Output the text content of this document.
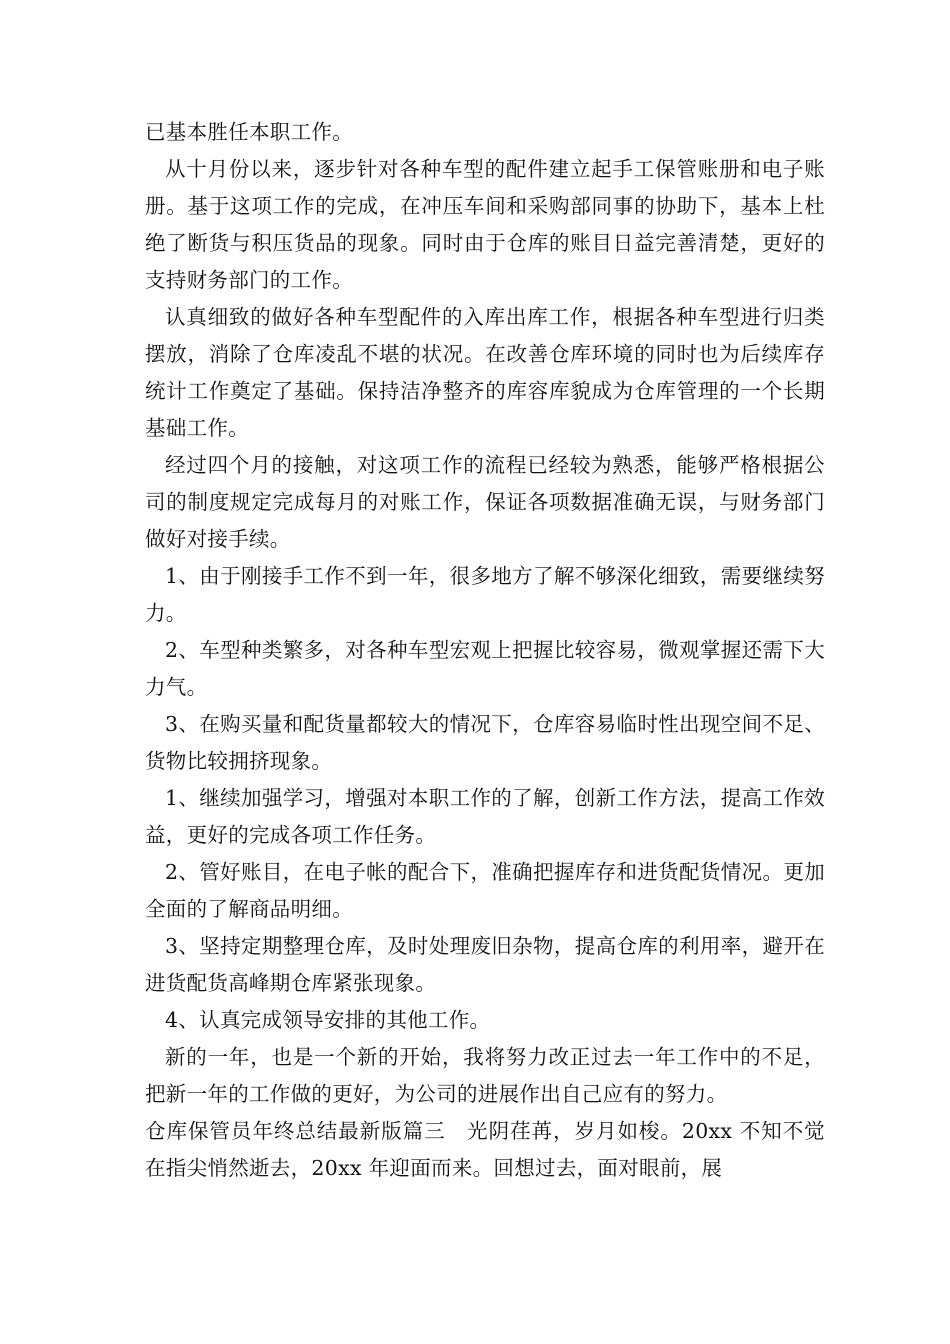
已基本胜任本职工作。

从十月份以来，逐步针对各种车型的配件建立起手工保管账册和电子账册。基于这项工作的完成，在冲压车间和采购部同事的协助下，基本上杜绝了断货与积压货品的现象。同时由于仓库的账目日益完善清楚，更好的支持财务部门的工作。

认真细致的做好各种车型配件的入库出库工作，根据各种车型进行归类摆放，消除了仓库凌乱不堪的状况。在改善仓库环境的同时也为后续库存统计工作奠定了基础。保持洁净整齐的库容库貌成为仓库管理的一个长期基础工作。

经过四个月的接触，对这项工作的流程已经较为熟悉，能够严格根据公司的制度规定完成每月的对账工作，保证各项数据准确无误，与财务部门做好对接手续。

1、由于刚接手工作不到一年，很多地方了解不够深化细致，需要继续努力。

2、车型种类繁多，对各种车型宏观上把握比较容易，微观掌握还需下大力气。

3、在购买量和配货量都较大的情况下，仓库容易临时性出现空间不足、货物比较拥挤现象。

1、继续加强学习，增强对本职工作的了解，创新工作方法，提高工作效益，更好的完成各项工作任务。

2、管好账目，在电子帐的配合下，准确把握库存和进货配货情况。更加全面的了解商品明细。

3、坚持定期整理仓库，及时处理废旧杂物，提高仓库的利用率，避开在进货配货高峰期仓库紧张现象。

4、认真完成领导安排的其他工作。

新的一年，也是一个新的开始，我将努力改正过去一年工作中的不足，把新一年的工作做的更好，为公司的进展作出自己应有的努力。

仓库保管员年终总结最新版篇三　光阴荏苒，岁月如梭。20xx 不知不觉在指尖悄然逝去，20xx 年迎面而来。回想过去，面对眼前，展
